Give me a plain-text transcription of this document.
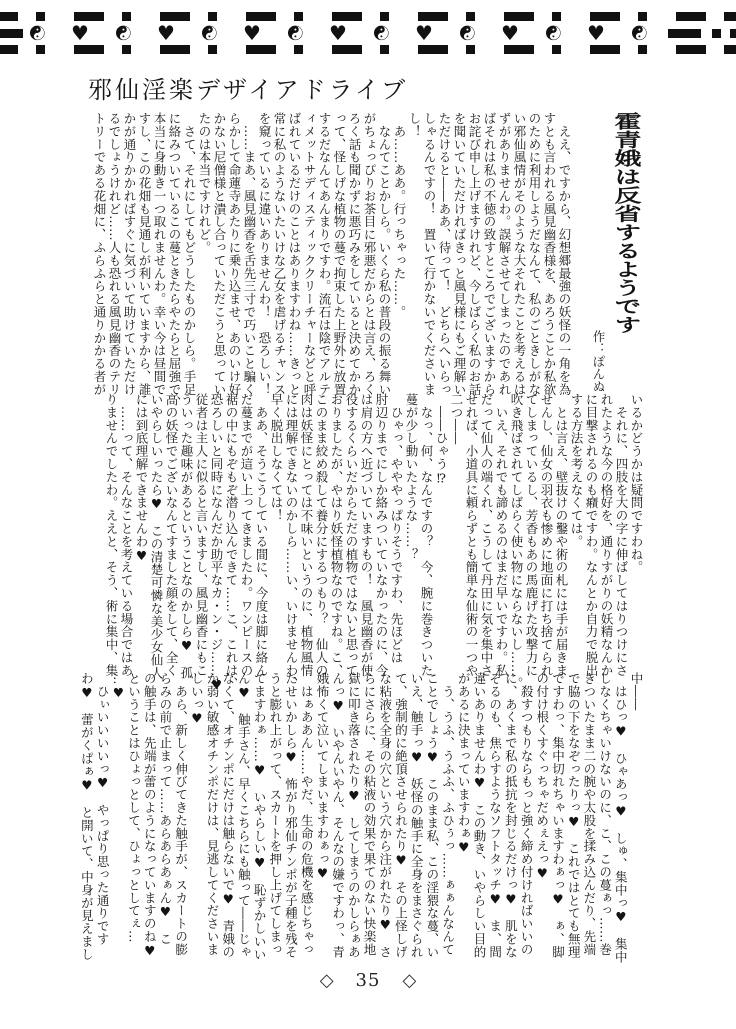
☯ ♥ ☯ ♥ ☯ ♥ ☯ ♥ ☯ ♥ ☯ ♥ ☯ ♥ ☯
邪仙淫楽デザイアドライブ
霍青娥は反省するようです
作：ぽんぬ
　ええ、ですから、幻想郷最強の妖怪の一角を為
すとも言われる風見幽香様を、あろうことか私欲
のために利用しようだなんて、私のごときしがな
い邪仙風情がそのような大それたことを考えるは
ずがありませんわ。誤解させてしまったのであれ
ばそれは私の不徳の致すところでございますから
お詫び申し上げますけれど、今しばらく私のお話
を聞いていただければきっと風見様にもご理解い
ただけると――ああ、待って！　どちらへいらっ
しゃるんですの！　置いて行かないでくださいま
し！
　あ……ああ。行っちゃった……。
　なんてことかしら。いくら私の普段の振る舞い
がちょっぴりお茶目に邪悪だからとは言え、ろく
ろく話も聞かずに悪巧みをしていると決めてかか
って、怪しげな植物の蔓で拘束した上野外に放置
するだなんてあんまりですわ。流石は陰でアルテ
ィメットサディスティッククリーチャーなどと呼
ばれているだけのことはありますわね……きっと
常に私のようないたいけな乙女を虐げるチャンス
を窺っているに違いありませんわ！　恐ろしい！
　……まあ、風見幽香を舌先三寸で巧いこと騙く
らかして命蓮寺あたりに乗り込ませ、あのいけ好
かない尼僧様と潰し合っていただこうと思ってい
たのは本当ですけれど。
　さて、それにしてもどうしたものかしら。手足
に絡みついているこの蔓ときたらやたらと屈強で、
本当に身動き一つ取れませんわ。幸い今は昼間で
すし、この花畑も見通しが利いていますから、誰
かが通りかかればすぐに気づいて助けていただけ
るでしょうけれど……人も恐れる風見幽香のテリ
トリーである花畑に、ふらふらと通りかかる者が
いるかどうかは疑問ですわね。
　それに、四肢を大の字に伸ばしてはりつけにさ
れたような今の格好を、通りすがりの妖精なんか
に目撃されるのも癪ですわ。なんとか自力で脱出
する方法を考えなくては。
　とは言え、壁抜けの鑿や術の札には手が届きま
せんし、仙女の羽衣も惨めに地面に打ち捨てられ
てしまっているし、芳香もあの馬鹿げた攻撃力に
吹き飛ばされてしばらく使い物にならないし……。
　いえ、それでも諦めるのはまだ早いですわ。私
だって仙人の端くれ、こうして丹田に気を集中さ
せれば、小道具に頼らずとも簡単な仙術の一つや
二つ――
　――ひゃう⁉
　なっ、何、なんですの？　今、腕に巻きついた
蔓が少し動いたような……？
　ひゃっ、やややっぱりそうですわ、先ほどは
肘辺りまでにしか絡みついていなかったのに、今
は肩の方へ近づいていますもの！　風見幽香が使
役するくらいだからただの植物ではないと思って
おりましたが、やはり妖怪植物なのですね。こ、
このまま絞め殺して養分にするつもり？　仙人の
肉は妖怪にとっては不味いというのに、植物風情
には理解できないのかしら……い、いけませんわ、
早く脱出しなくては！
　ああ、そうこうしている間に、今度は脚に絡ん
だ蔓までが這い上ってきましたわ。ワンピースの
裾の中にもぞもぞ潜り込んできて……こ、これは、
恐ろしいと同時になんだか助平なカ・ン・ジ……♥
従者は主人に似ると言いますし、風見幽香にもこ
ういった趣味があるということなのかしら♥　孤
高の妖怪でございなんてすました顔をして、全く
いやらしいったら♥　この清楚可憐な美少女仙人
には到底理解できませんわ♥
　……って、そんなことを考えている場合ではあ
りませんでしたわ。ええと、そう、術に集中、集
中――
　はひっ♥　ひゃあっ♥　しゅ、集中っ♥　集中
しなくちゃいけないのに、こ、この蔓ぁっ……巻
きついたまま二の腕や太股を揉み込んだり、先端
で脇の下をなぞったりっ♥　これではとても無理
ですわっ、集中切れちゃいますわぁっ♥　ぁ、脚
の付け根くすぐっちゃだめぇえっ♥
　殺すつもりならもっと強く締め付ければいいの
に、あくまで私の抵抗を封じるだけっ♥　肌をな
ぞるのも、焦らすようなソフトタッチ♥　ま、間
違いありませんわ♥　この動き、いやらしい目的
があるに決まっていますわぁ♥
　う、うふ、うふふ、ふひぅっ……ぁぁんなんて
ことでしょう♥　このまま私、この淫猥な蔓、い
いえ、触手っ♥　妖怪の触手に全身をまさぐられ
て、強制的に絶頂させられたり♥　その上怪しげ
な粘液を全身の穴という穴から注がれたり♥　さ
らにさらに、その粘液の効果で果てのない快楽地
獄に叩き落されたり♥　してしまうのかしらぁあ
んっ♥　いやんいやん、そんなの嫌ですわっ、青
娥怖くて泣いてしまいますわぁっ♥
　はぁああん……やだ、生命の危機を感じちゃっ
たせいかしら♥　怖がり邪仙チンポが子種を残そ
うと膨れ上がって、スカートを押し上げてしまっ
てますわぁ……♥　いやらしい♥　恥ずかしいい
ん♥　触手さん、早くこちらにも触って――じゃ
なくて、オチンポにだけは触らないで♥　青娥の
か弱い敏感オチンポだけは、見逃してくださいま
しいっ♥
　あら、新しく伸びてきた触手が、スカートの膨
らみの前で止まって……あらあらあぁん♥　こ
の触手は、先端が蕾のようになっていますのね♥
ということはひょっとして、ひょっとしてぇ…
…♥
　ひぃいいいいっ♥　やっぱり思った通りです
わ♥　蕾がくぱぁ♥　と開いて、中身が見えまし
◇ 35 ◇
